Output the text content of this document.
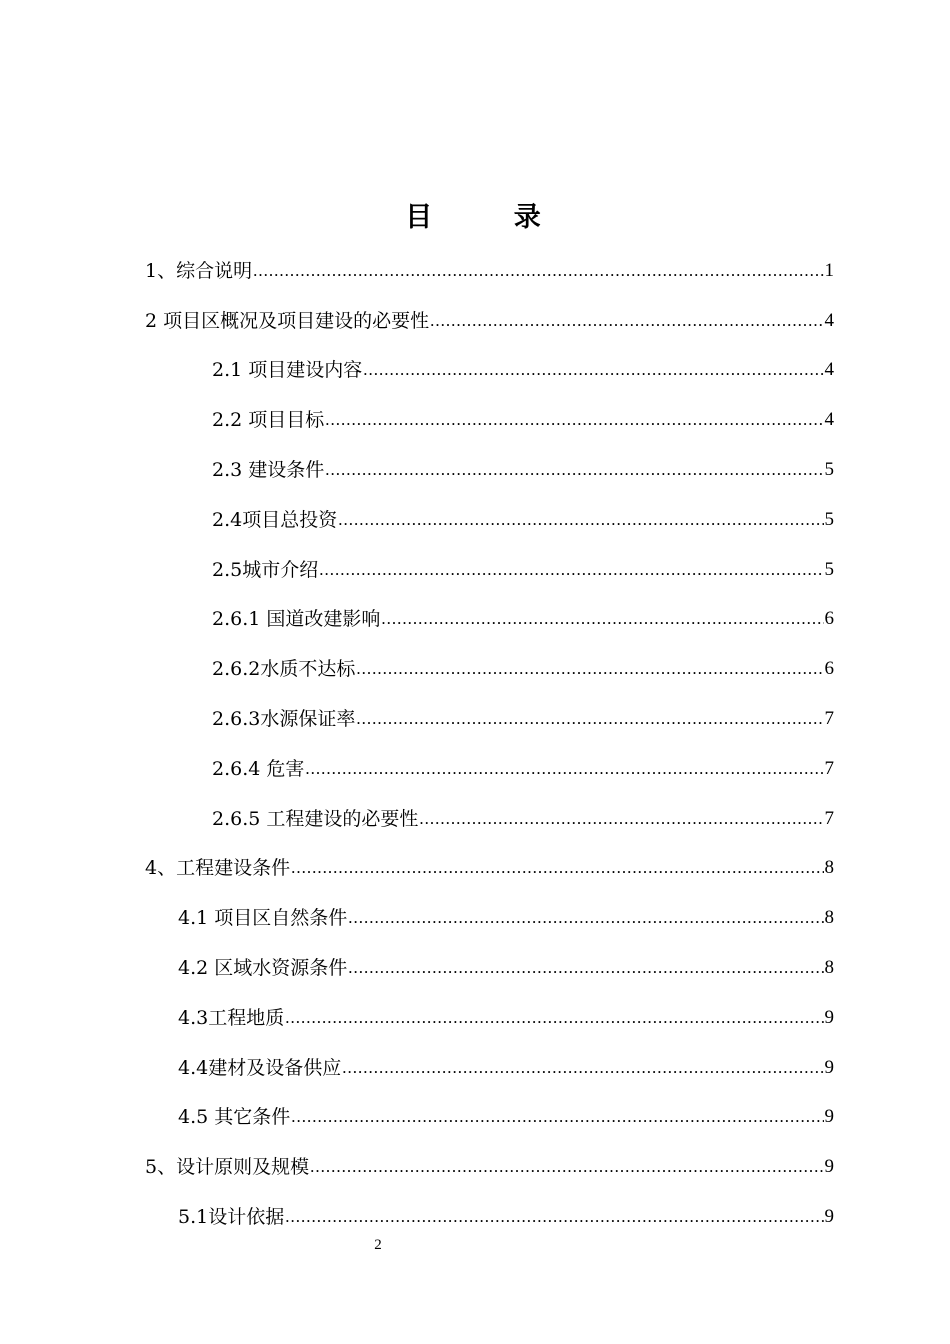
目 录
1、综合说明 .....	1
2 项目区概况及项目建设的必要性 .....	4
2.1 项目建设内容 .....	4
2.2 项目目标 .....	4
2.3 建设条件 .....	5
2.4项目总投资 .....	5
2.5城市介绍 .....	5
2.6.1 国道改建影响 .....	6
2.6.2水质不达标 .....	6
2.6.3水源保证率 .....	7
2.6.4 危害 .....	7
2.6.5 工程建设的必要性 .....	7
4、工程建设条件 .....	8
4.1 项目区自然条件 .....	8
4.2 区域水资源条件 .....	8
4.3工程地质 .....	9
4.4建材及设备供应 .....	9
4.5 其它条件 .....	9
5、设计原则及规模 .....	9
5.1设计依据 .....	9
2
